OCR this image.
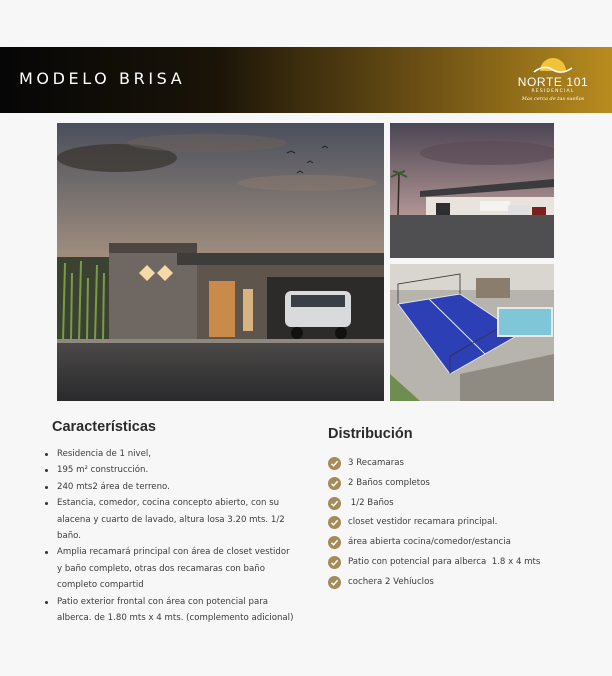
MODELO BRISA	NORTE 101
RESIDENCIAL
Mas cerca de tus sueños
Características
Residencia de 1 nivel,
195 m² construcción.
240 mts2 área de terreno.
Estancia, comedor, cocina concepto abierto, con su
alacena y cuarto de lavado, altura losa 3.20 mts. 1/2
baño.
Amplia recamará principal con área de closet vestidor
y baño completo, otras dos recamaras con baño
completo compartid
Patio exterior frontal con área con potencial para
alberca. de 1.80 mts x 4 mts. (complemento adicional)
Distribución
3 Recamaras
2 Baños completos
1/2 Baños
closet vestidor recamara principal.
área abierta cocina/comedor/estancia
Patio con potencial para alberca  1.8 x 4 mts
cochera 2 Vehíuclos
